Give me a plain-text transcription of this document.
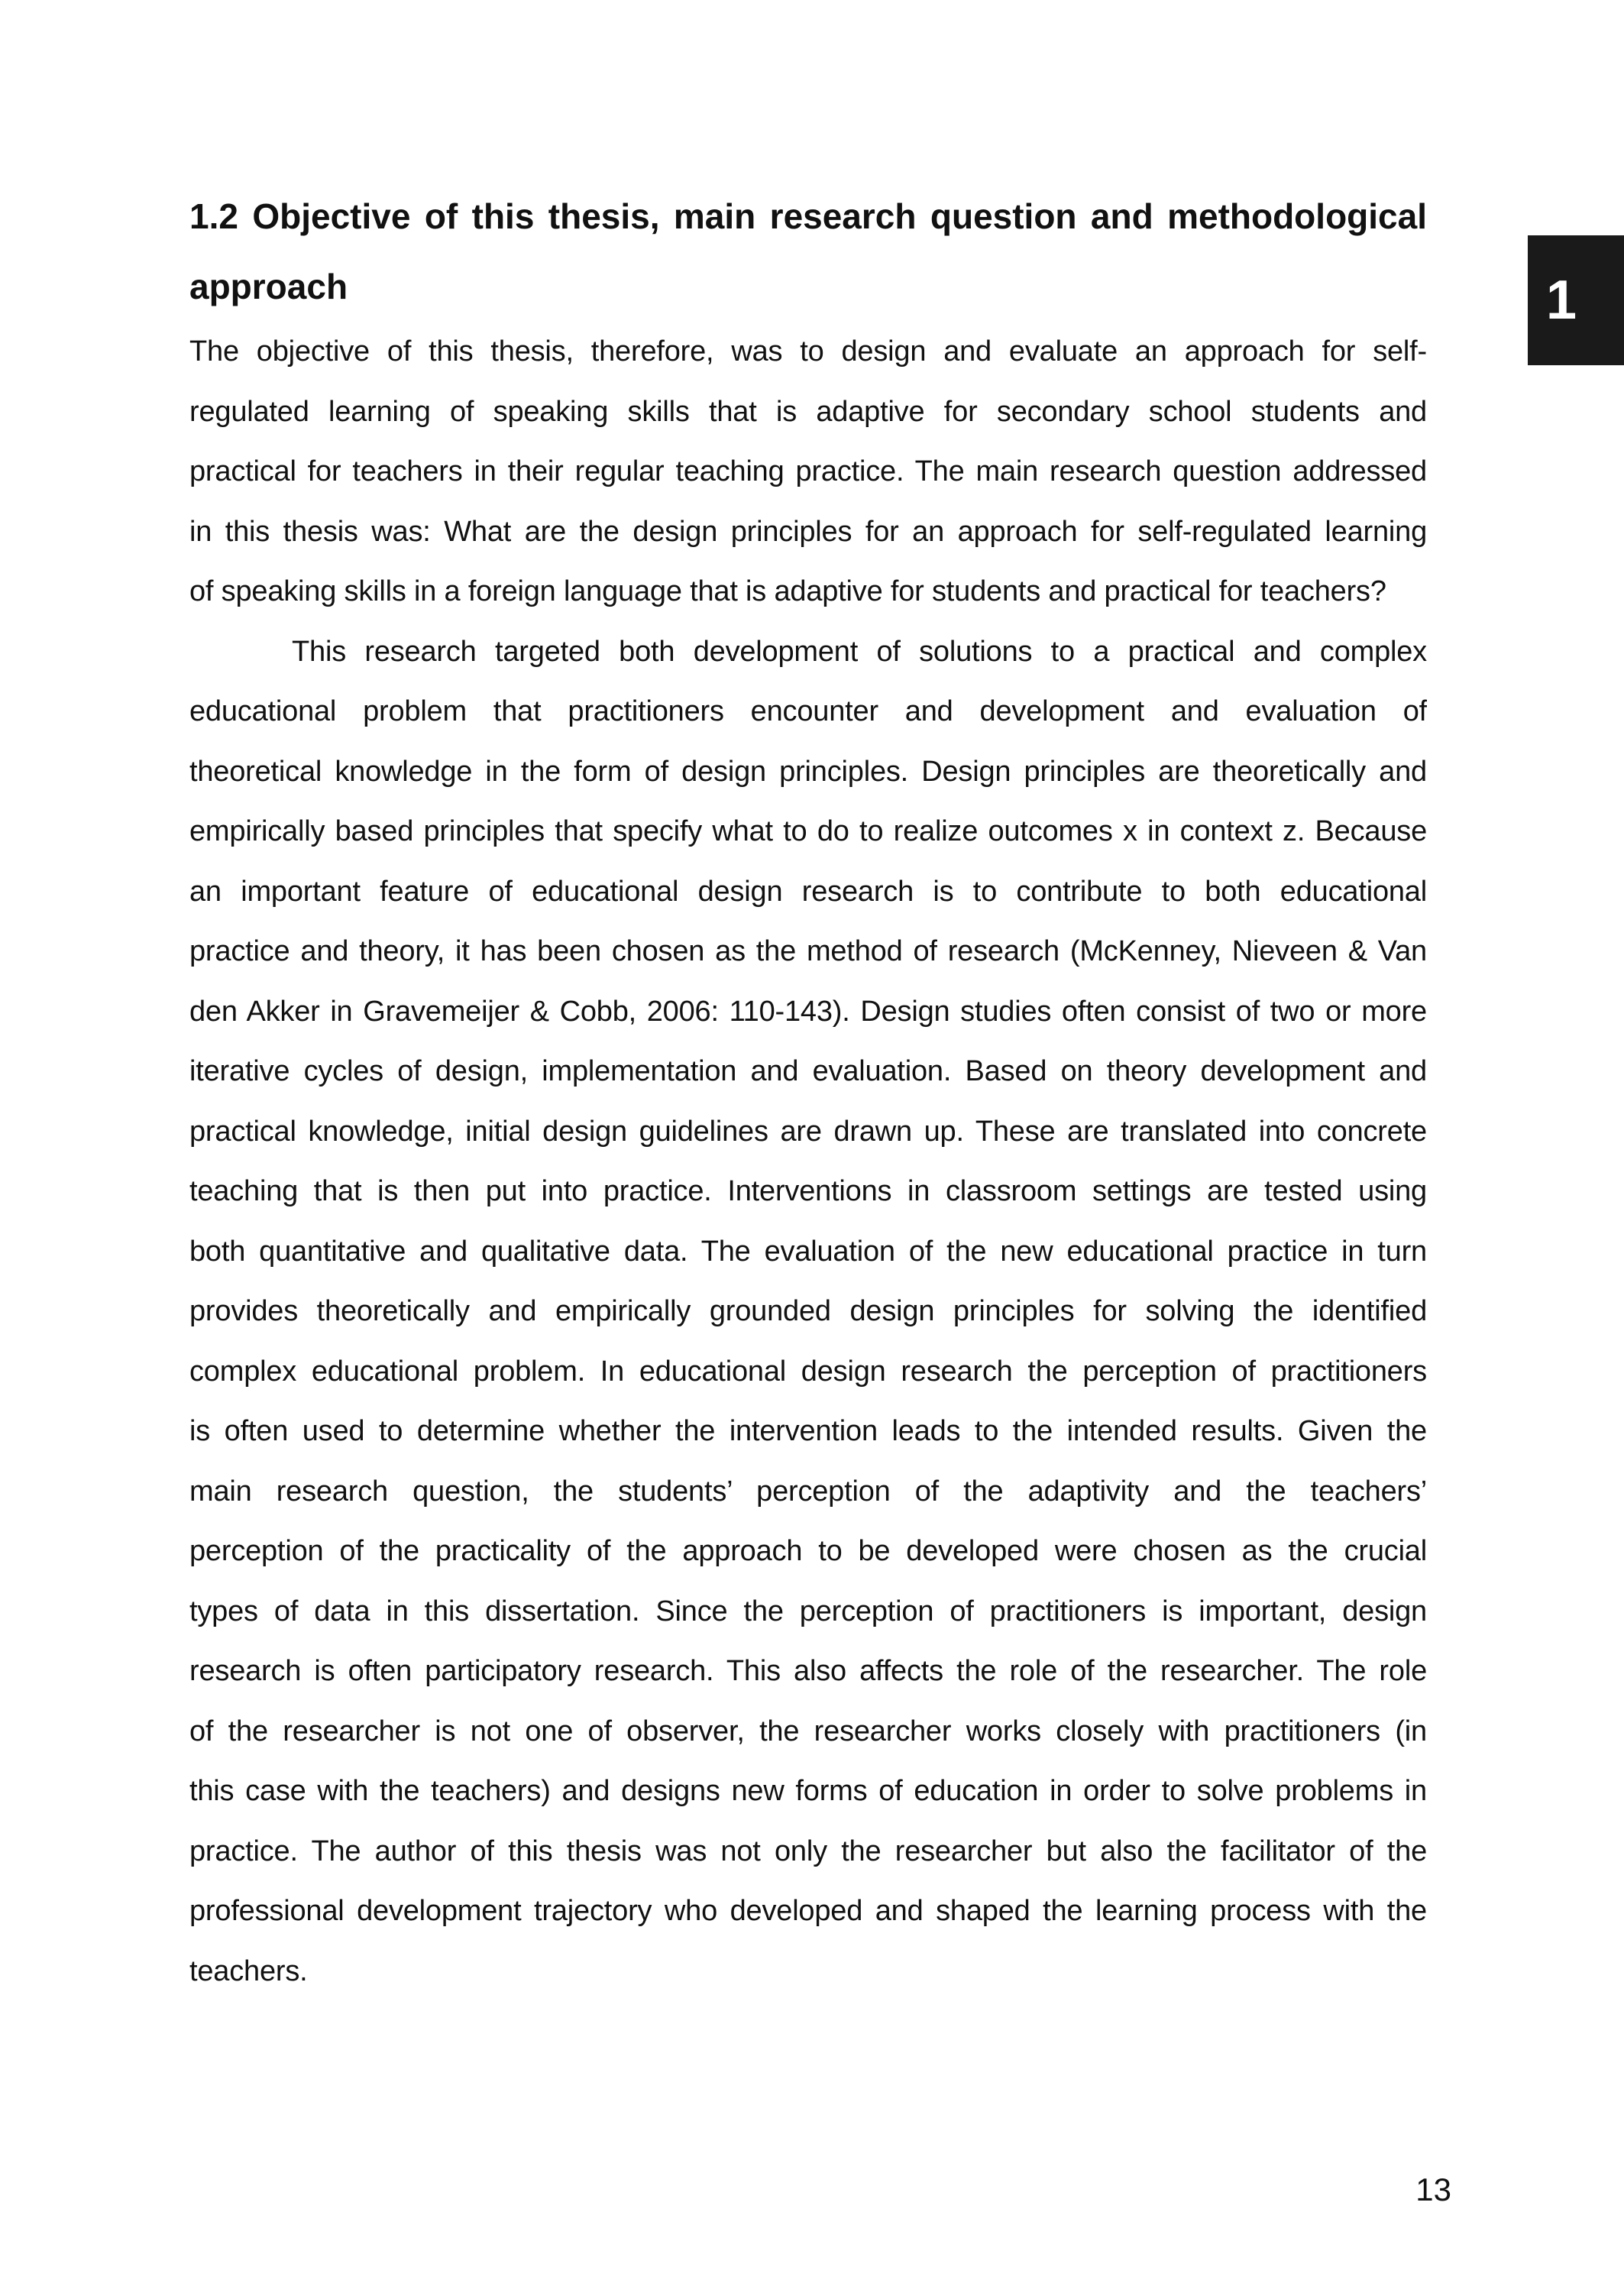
1
1.2 Objective of this thesis, main research question and methodological
approach
The objective of this thesis, therefore, was to design and evaluate an approach for self-
regulated learning of speaking skills that is adaptive for secondary school students and
practical for teachers in their regular teaching practice. The main research question addressed
in this thesis was: What are the design principles for an approach for self-regulated learning
of speaking skills in a foreign language that is adaptive for students and practical for teachers?
This research targeted both development of solutions to a practical and complex
educational problem that practitioners encounter and development and evaluation of
theoretical knowledge in the form of design principles. Design principles are theoretically and
empirically based principles that specify what to do to realize outcomes x in context z. Because
an important feature of educational design research is to contribute to both educational
practice and theory, it has been chosen as the method of research (McKenney, Nieveen & Van
den Akker in Gravemeijer & Cobb, 2006: 110-143). Design studies often consist of two or more
iterative cycles of design, implementation and evaluation. Based on theory development and
practical knowledge, initial design guidelines are drawn up. These are translated into concrete
teaching that is then put into practice. Interventions in classroom settings are tested using
both quantitative and qualitative data. The evaluation of the new educational practice in turn
provides theoretically and empirically grounded design principles for solving the identified
complex educational problem. In educational design research the perception of practitioners
is often used to determine whether the intervention leads to the intended results. Given the
main research question, the students’ perception of the adaptivity and the teachers’
perception of the practicality of the approach to be developed were chosen as the crucial
types of data in this dissertation. Since the perception of practitioners is important, design
research is often participatory research. This also affects the role of the researcher. The role
of the researcher is not one of observer, the researcher works closely with practitioners (in
this case with the teachers) and designs new forms of education in order to solve problems in
practice. The author of this thesis was not only the researcher but also the facilitator of the
professional development trajectory who developed and shaped the learning process with the
teachers.
13
